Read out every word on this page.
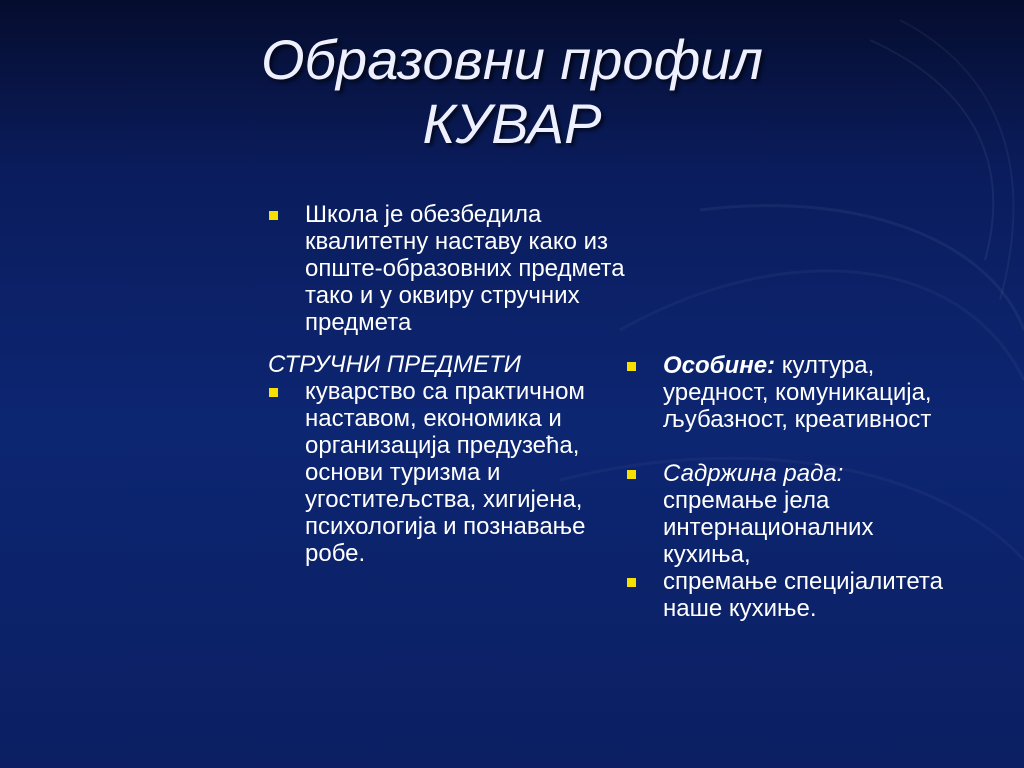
Образовни профил
КУВАР
Школа је обезбедила квалитетну наставу како из опште-образовних предмета тако и у оквиру стручних предмета
СТРУЧНИ ПРЕДМЕТИ
куварство са практичном наставом, економика и организација предузећа, основи туризма и угоститељства, хигијена, психологија и познавање робе.
Особине: култура, уредност, комуникација, љубазност, креативност
Садржина рада: спремање јела интернационалних кухиња,
спремање специјалитета наше кухиње.
